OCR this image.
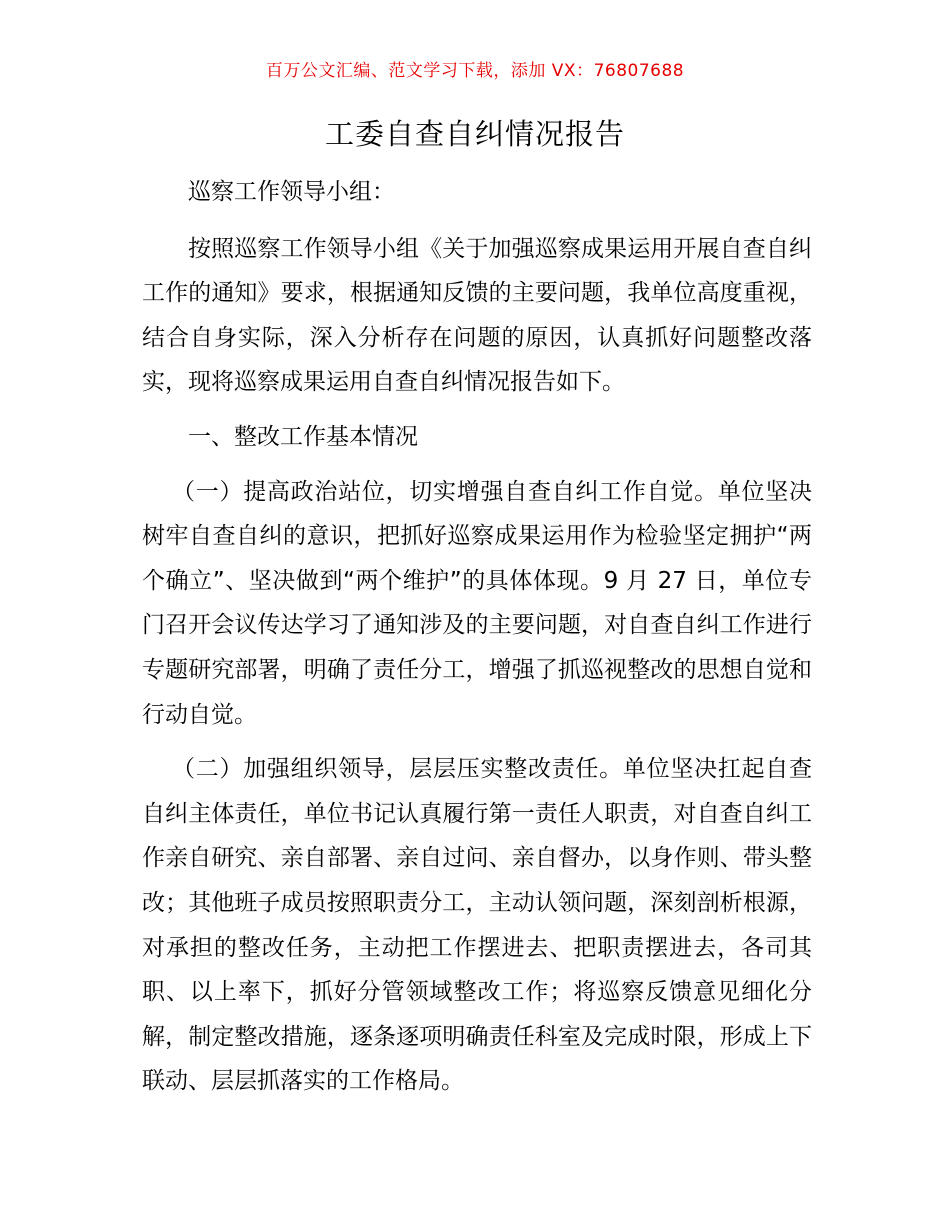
百万公文汇编、范文学习下载，添加 VX：76807688
工委自查自纠情况报告

巡察工作领导小组：

按照巡察工作领导小组《关于加强巡察成果运用开展自查自纠工作的通知》要求，根据通知反馈的主要问题，我单位高度重视，结合自身实际，深入分析存在问题的原因，认真抓好问题整改落实，现将巡察成果运用自查自纠情况报告如下。

一、整改工作基本情况

（一）提高政治站位，切实增强自查自纠工作自觉。单位坚决树牢自查自纠的意识，把抓好巡察成果运用作为检验坚定拥护“两个确立”、坚决做到“两个维护”的具体体现。9 月 27 日，单位专门召开会议传达学习了通知涉及的主要问题，对自查自纠工作进行专题研究部署，明确了责任分工，增强了抓巡视整改的思想自觉和行动自觉。

（二）加强组织领导，层层压实整改责任。单位坚决扛起自查自纠主体责任，单位书记认真履行第一责任人职责，对自查自纠工作亲自研究、亲自部署、亲自过问、亲自督办，以身作则、带头整改；其他班子成员按照职责分工，主动认领问题，深刻剖析根源，对承担的整改任务，主动把工作摆进去、把职责摆进去，各司其职、以上率下，抓好分管领域整改工作；将巡察反馈意见细化分解，制定整改措施，逐条逐项明确责任科室及完成时限，形成上下联动、层层抓落实的工作格局。
